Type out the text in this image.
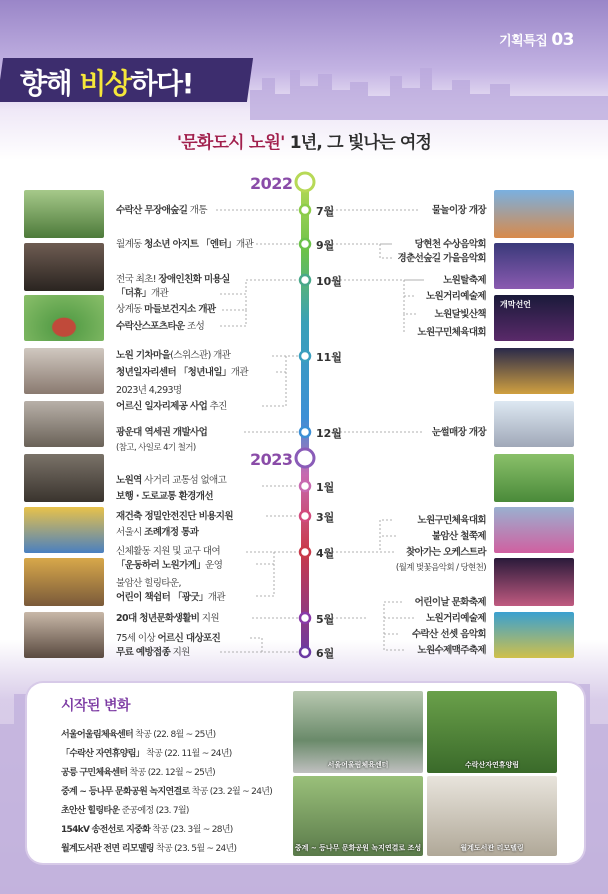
기획특집 03
향해 비상하다!
'문화도시 노원' 1년, 그 빛나는 여정
2022
2023
7월
9월
10월
11월
12월
1월
3월
4월
5월
6월
수락산 무장애숲길 개통
월계동 청소년 아지트 「엔터」개관
전국 최초! 장애인친화 미용실
「더휴」개관
상계동 마들보건지소 개관
수락산스포츠타운 조성
노원 기차마을(스위스관) 개관
청년일자리센터 「청년내일」개관
2023년 4,293명
어르신 일자리제공 사업 추진
광운대 역세권 개발사업
(참고, 사일로 4기 철거)
노원역 사거리 교통섬 없애고
보행 · 도로교통 환경개선
재건축 정밀안전진단 비용지원
서울시 조례개정 통과
신체활동 지원 및 교구 대여
「운동하러 노원가게」운영
불암산 힐링타운,
어린이 책쉼터 「광굿」개관
20대 청년문화생활비 지원
75세 이상 어르신 대상포진
무료 예방접종 지원
물놀이장 개장
당현천 수상음악회
경춘선숲길 가을음악회
노원탈축제
노원거리예술제
노원달빛산책
노원구민체육대회
눈썰매장 개장
노원구민체육대회
불암산 철쭉제
찾아가는 오케스트라
(월계 벚꽃음악회 / 당현천)
어린이날 문화축제
노원거리예술제
수락산 선셋 음악회
노원수제맥주축제
개막선언
시작된 변화
서울어울림체육센터 착공 (22. 8월 ~ 25년)
「수락산 자연휴양림」 착공 (22. 11월 ~ 24년)
공릉 구민체육센터 착공 (22. 12월 ~ 25년)
중계 ~ 등나무 문화공원 녹지연결로 착공 (23. 2월 ~ 24년)
초안산 힐링타운 준공예정 (23. 7월)
154kV 송전선로 지중화 착공 (23. 3월 ~ 28년)
월계도서관 전면 리모델링 착공 (23. 5월 ~ 24년)
서울어울림체육센터	수락산자연휴양림
중계 ~ 등나무 문화공원 녹지연결로 조성	월계도서관 리모델링
